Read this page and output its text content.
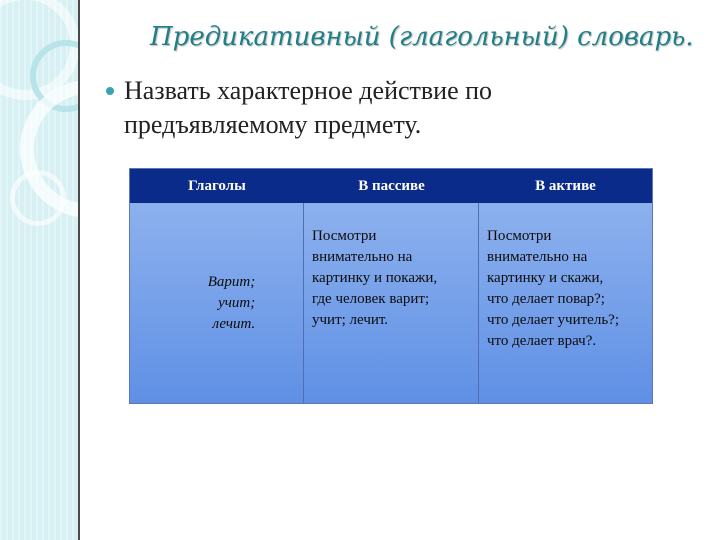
Предикативный (глагольный) словарь.
Назвать характерное действие по
предъявляемому предмету.
Глаголы	В пассиве	В активе
Варит;
учит;
лечит.
Посмотри
внимательно на
картинку и покажи,
где человек варит;
учит; лечит.
Посмотри
внимательно на
картинку и скажи,
что делает повар?;
что делает учитель?;
что делает врач?.
